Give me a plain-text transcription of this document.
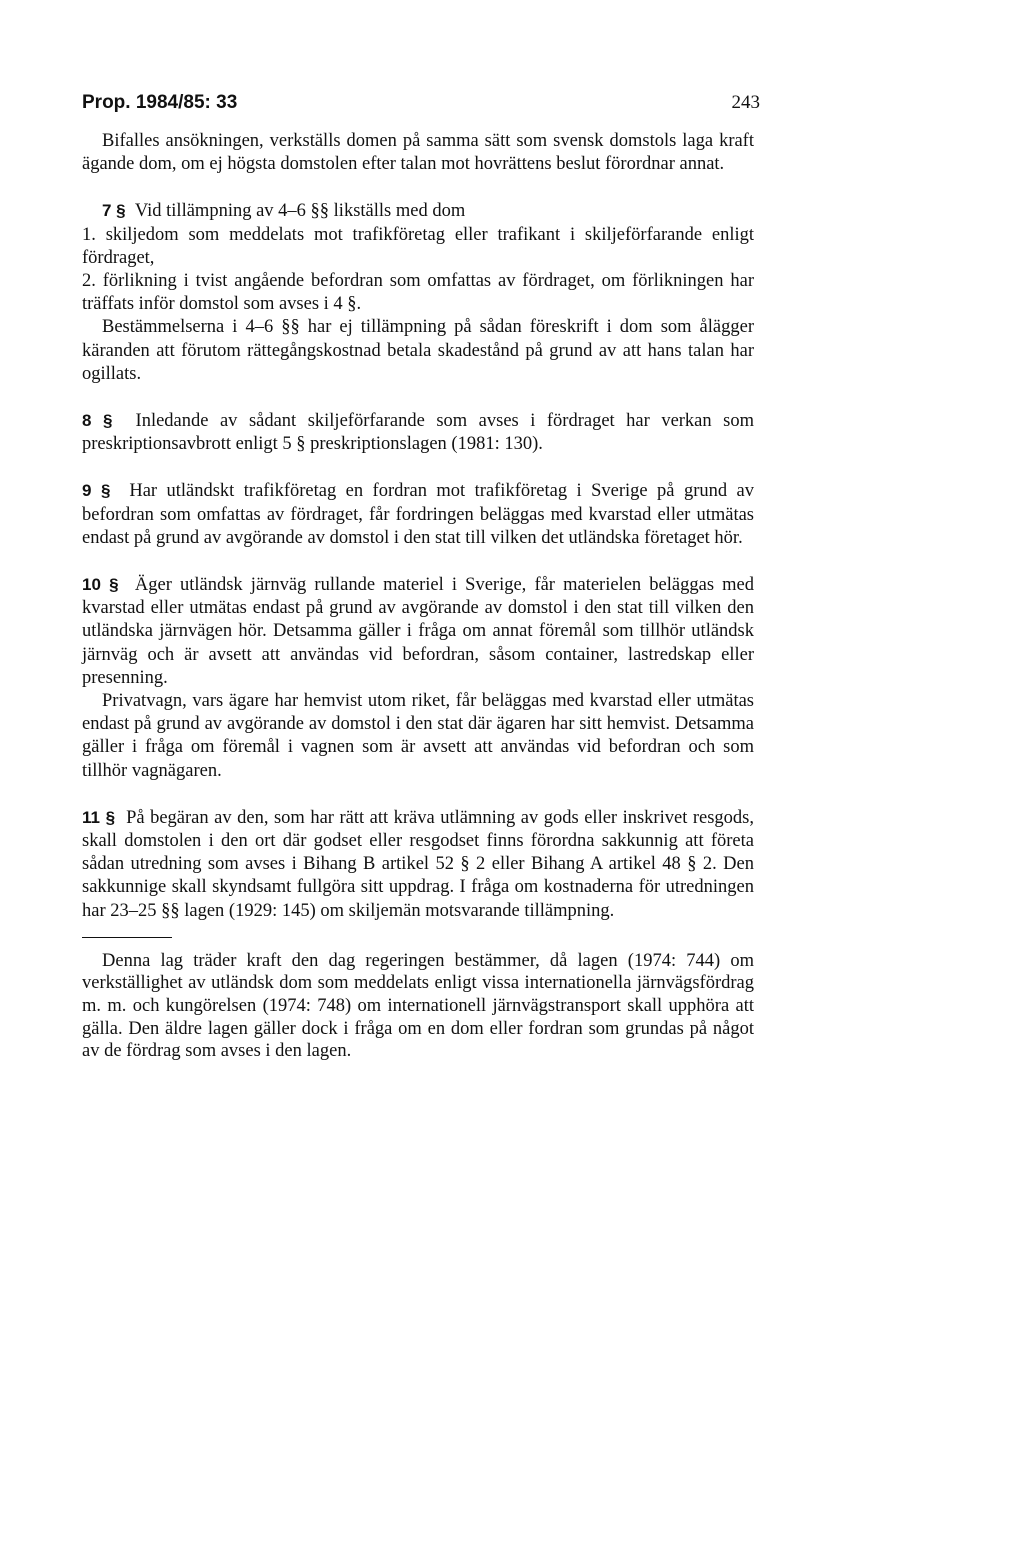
Prop. 1984/85: 33	243

Bifalles ansökningen, verkställs domen på samma sätt som svensk domstols laga kraft ägande dom, om ej högsta domstolen efter talan mot hovrättens beslut förordnar annat.

7 § Vid tillämpning av 4–6 §§ likställs med dom

1. skiljedom som meddelats mot trafikföretag eller trafikant i skiljeförfarande enligt fördraget,

2. förlikning i tvist angående befordran som omfattas av fördraget, om förlikningen har träffats inför domstol som avses i 4 §.

Bestämmelserna i 4–6 §§ har ej tillämpning på sådan föreskrift i dom som ålägger käranden att förutom rättegångskostnad betala skadestånd på grund av att hans talan har ogillats.

8 § Inledande av sådant skiljeförfarande som avses i fördraget har verkan som preskriptionsavbrott enligt 5 § preskriptionslagen (1981: 130).

9 § Har utländskt trafikföretag en fordran mot trafikföretag i Sverige på grund av befordran som omfattas av fördraget, får fordringen beläggas med kvarstad eller utmätas endast på grund av avgörande av domstol i den stat till vilken det utländska företaget hör.

10 § Äger utländsk järnväg rullande materiel i Sverige, får materielen beläggas med kvarstad eller utmätas endast på grund av avgörande av domstol i den stat till vilken den utländska järnvägen hör. Detsamma gäller i fråga om annat föremål som tillhör utländsk järnväg och är avsett att användas vid befordran, såsom container, lastredskap eller presenning.

Privatvagn, vars ägare har hemvist utom riket, får beläggas med kvarstad eller utmätas endast på grund av avgörande av domstol i den stat där ägaren har sitt hemvist. Detsamma gäller i fråga om föremål i vagnen som är avsett att användas vid befordran och som tillhör vagnägaren.

11 § På begäran av den, som har rätt att kräva utlämning av gods eller inskrivet resgods, skall domstolen i den ort där godset eller resgodset finns förordna sakkunnig att företa sådan utredning som avses i Bihang B artikel 52 § 2 eller Bihang A artikel 48 § 2. Den sakkunnige skall skyndsamt fullgöra sitt uppdrag. I fråga om kostnaderna för utredningen har 23–25 §§ lagen (1929: 145) om skiljemän motsvarande tillämpning.

Denna lag träder kraft den dag regeringen bestämmer, då lagen (1974: 744) om verkställighet av utländsk dom som meddelats enligt vissa internationella järnvägsfördrag m. m. och kungörelsen (1974: 748) om internationell järnvägstransport skall upphöra att gälla. Den äldre lagen gäller dock i fråga om en dom eller fordran som grundas på något av de fördrag som avses i den lagen.
